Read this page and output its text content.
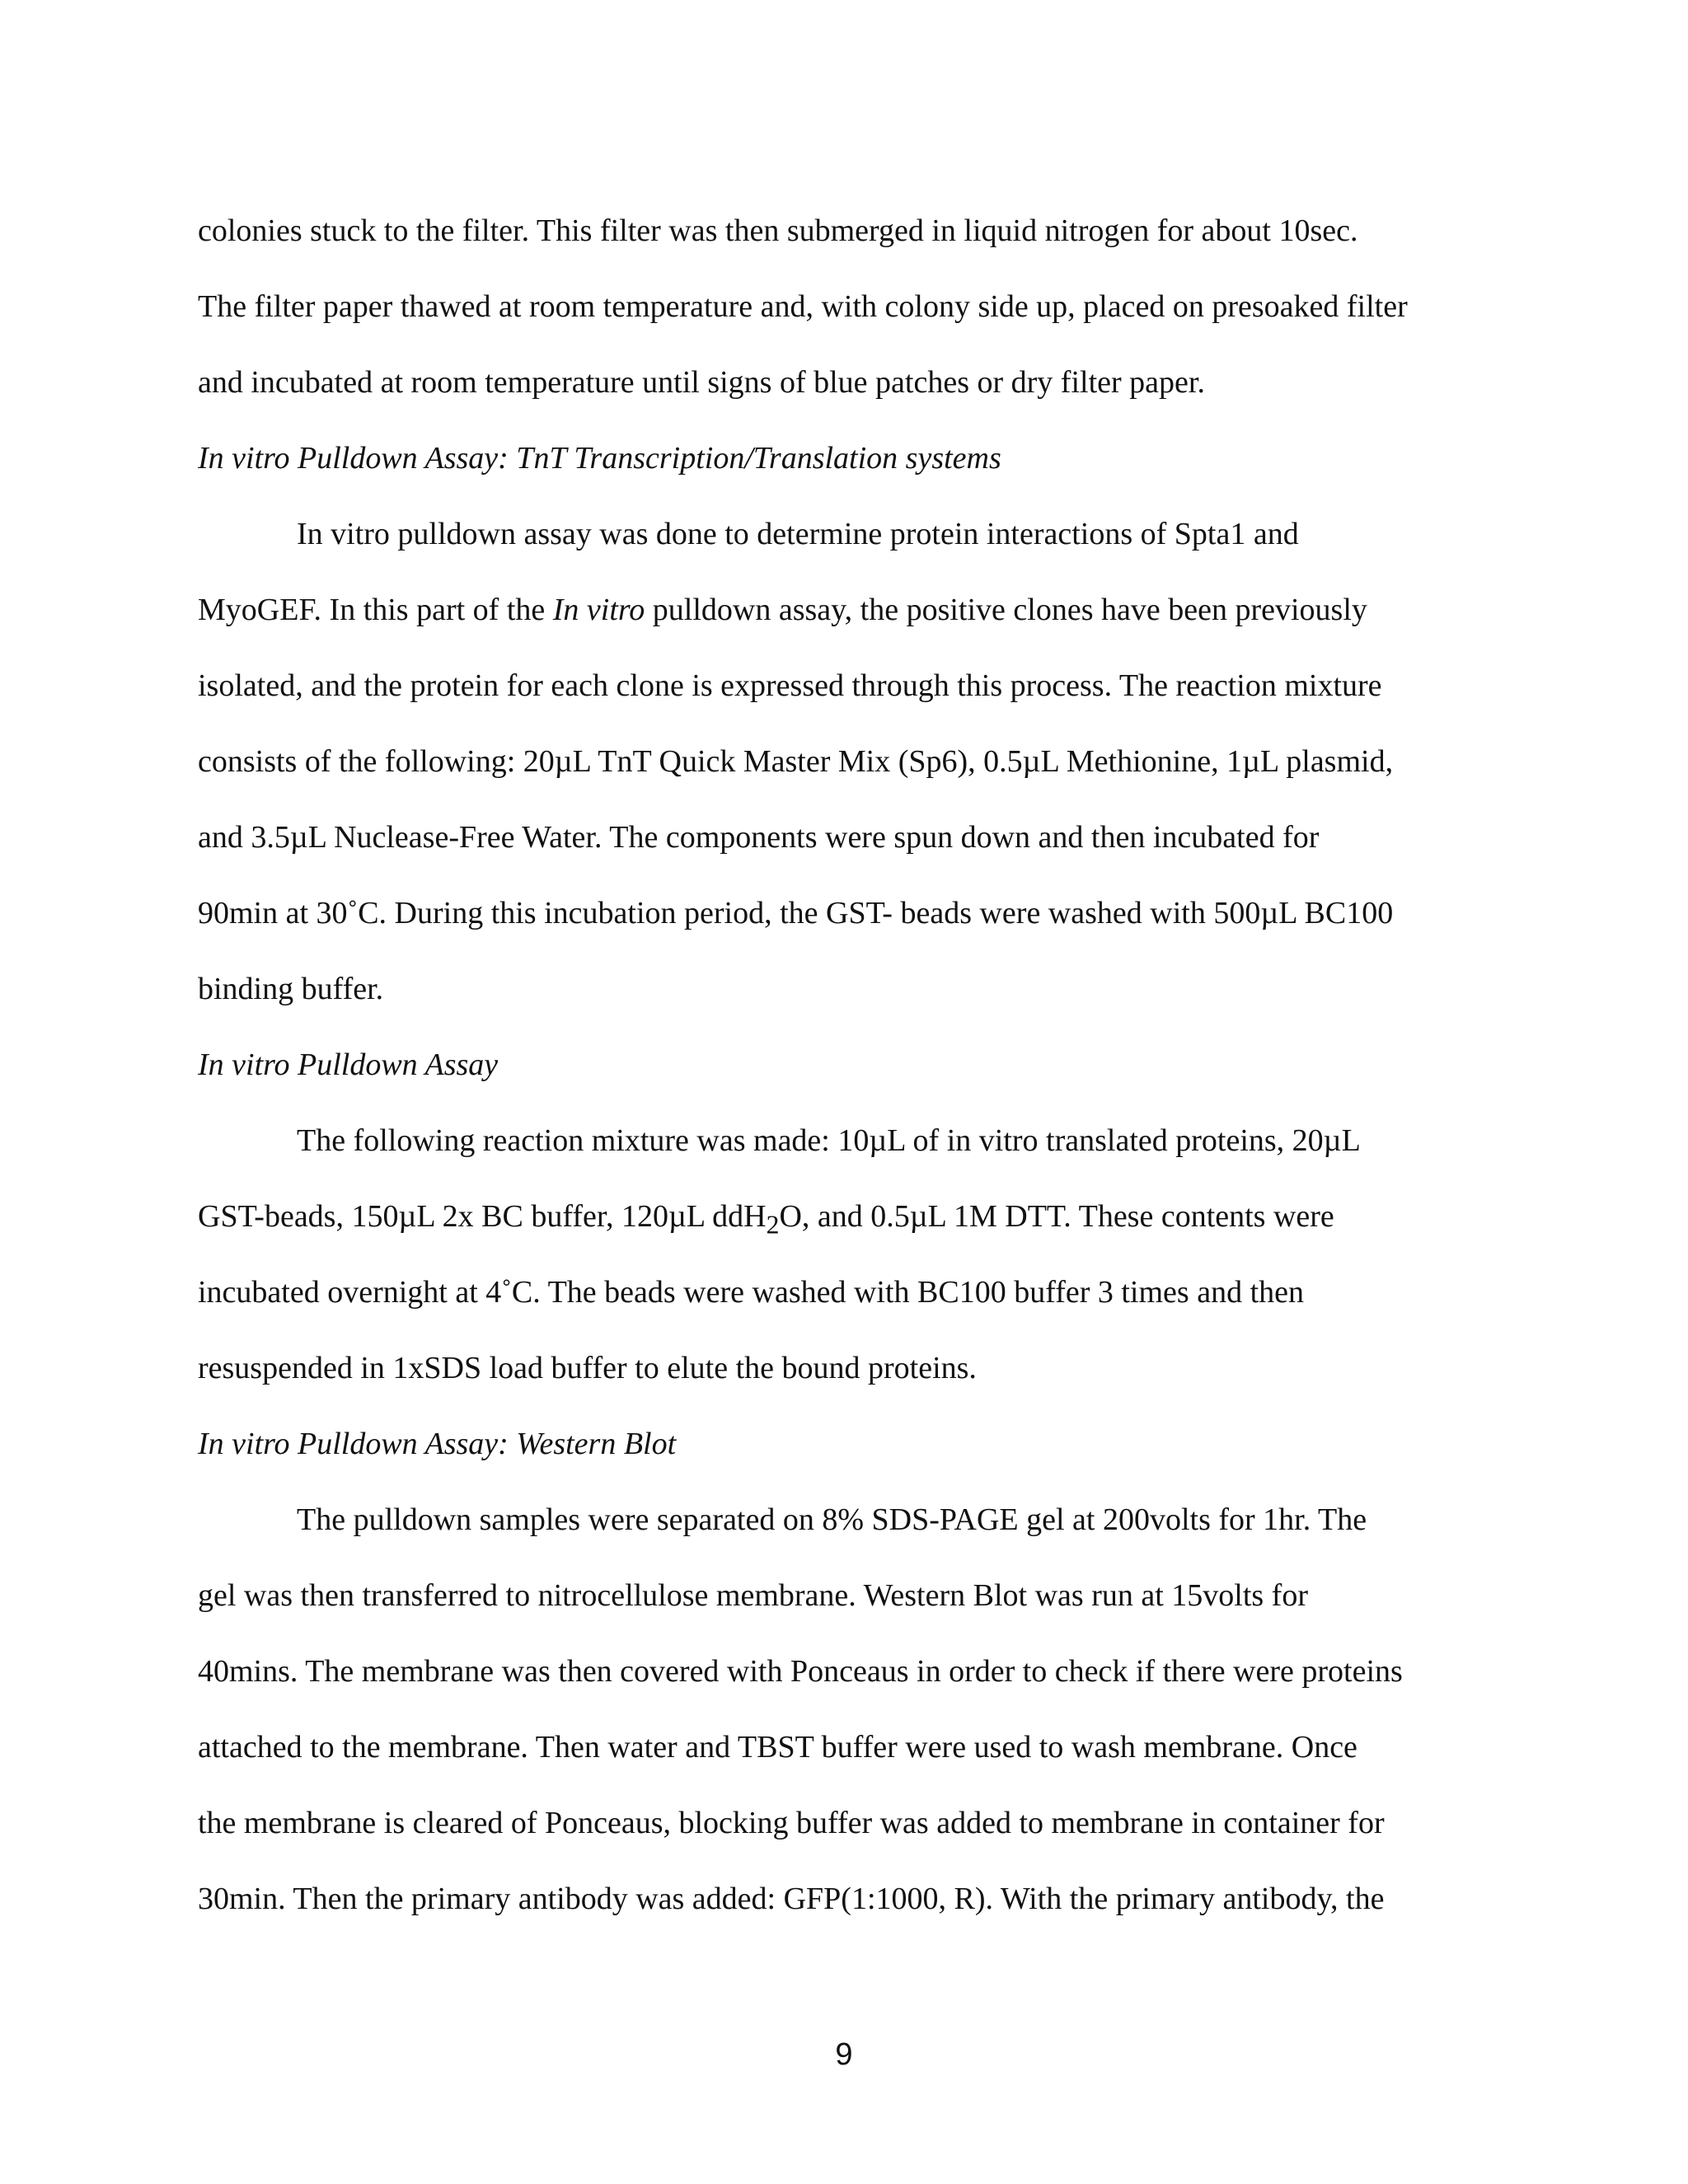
colonies stuck to the filter. This filter was then submerged in liquid nitrogen for about 10sec.
The filter paper thawed at room temperature and, with colony side up, placed on presoaked filter
and incubated at room temperature until signs of blue patches or dry filter paper.
In vitro Pulldown Assay: TnT Transcription/Translation systems
In vitro pulldown assay was done to determine protein interactions of Spta1 and
MyoGEF. In this part of the In vitro pulldown assay, the positive clones have been previously
isolated, and the protein for each clone is expressed through this process. The reaction mixture
consists of the following: 20µL TnT Quick Master Mix (Sp6), 0.5µL Methionine, 1µL plasmid,
and 3.5µL Nuclease-Free Water. The components were spun down and then incubated for
90min at 30˚C. During this incubation period, the GST- beads were washed with 500µL BC100
binding buffer.
In vitro Pulldown Assay
The following reaction mixture was made: 10µL of in vitro translated proteins, 20µL
GST-beads, 150µL 2x BC buffer, 120µL ddH$_2$O, and 0.5µL 1M DTT. These contents were
incubated overnight at 4˚C. The beads were washed with BC100 buffer 3 times and then
resuspended in 1xSDS load buffer to elute the bound proteins.
In vitro Pulldown Assay: Western Blot
The pulldown samples were separated on 8% SDS-PAGE gel at 200volts for 1hr. The
gel was then transferred to nitrocellulose membrane. Western Blot was run at 15volts for
40mins. The membrane was then covered with Ponceaus in order to check if there were proteins
attached to the membrane. Then water and TBST buffer were used to wash membrane. Once
the membrane is cleared of Ponceaus, blocking buffer was added to membrane in container for
30min. Then the primary antibody was added: GFP(1:1000, R). With the primary antibody, the
9
